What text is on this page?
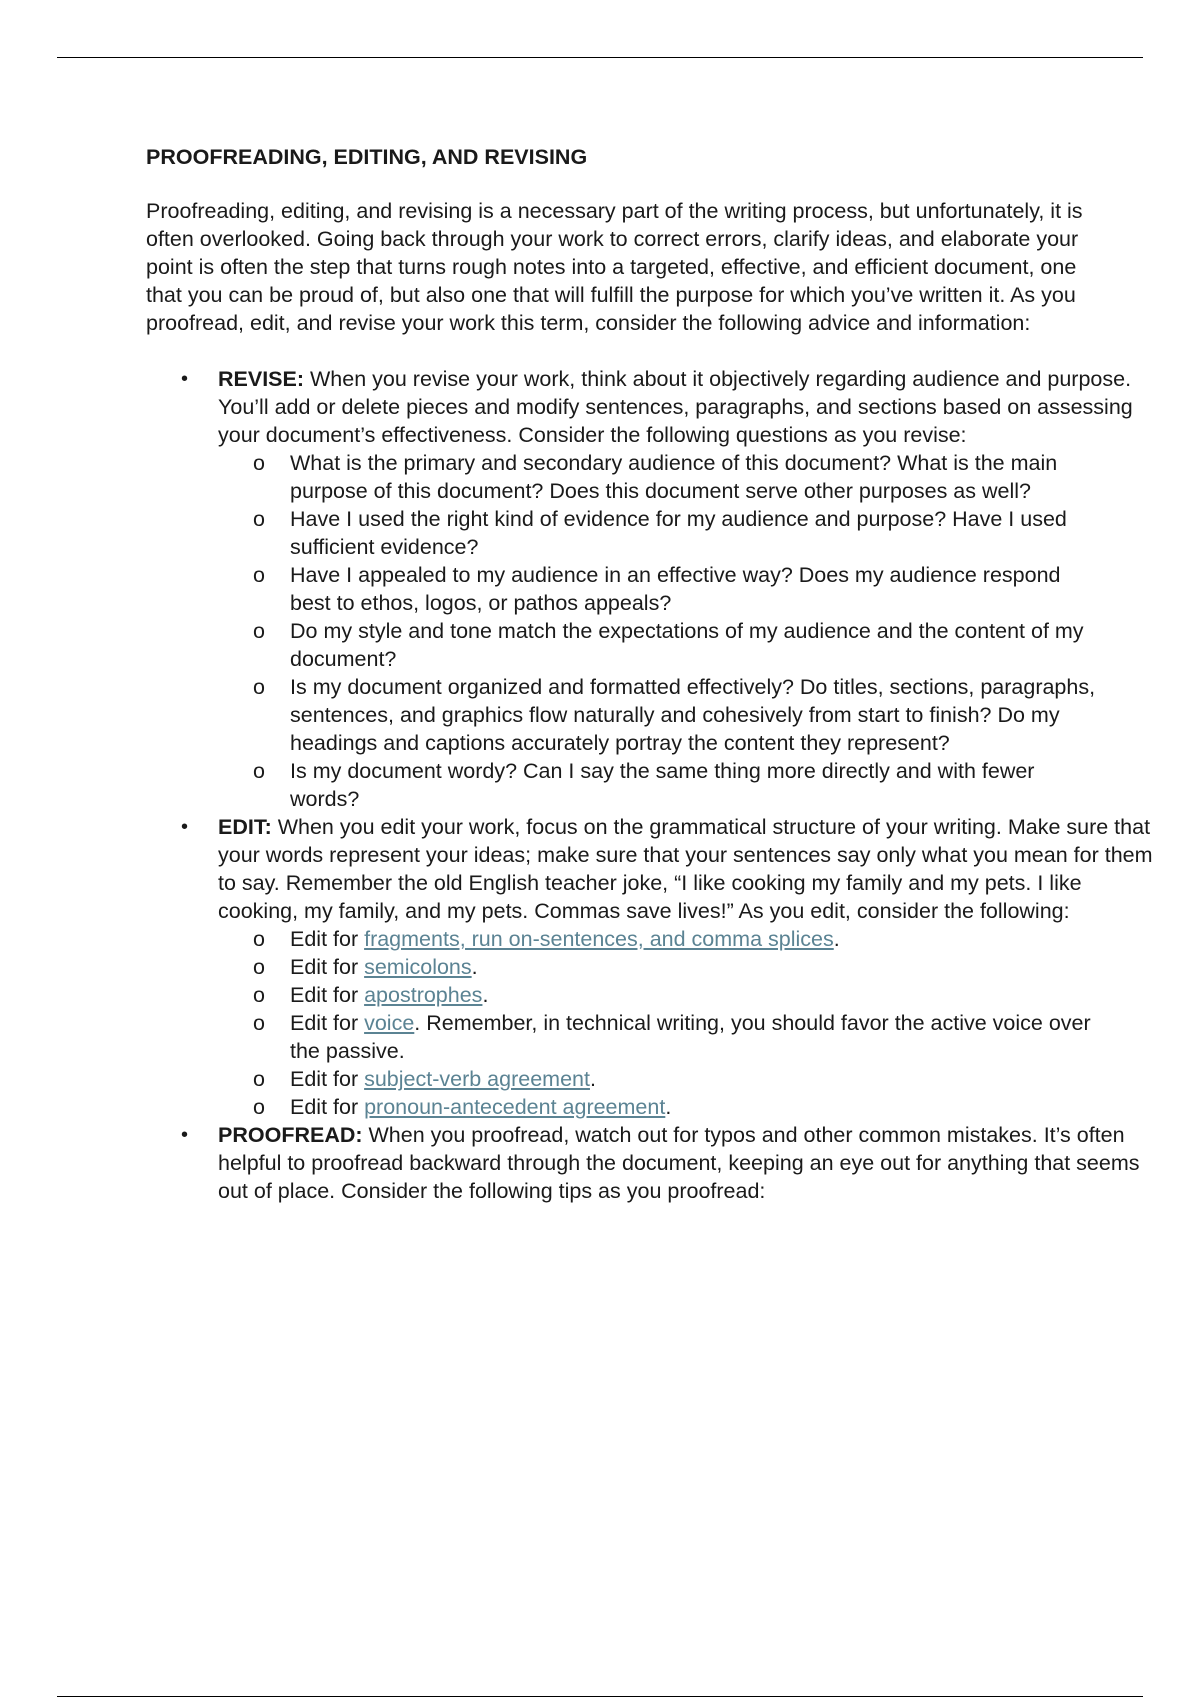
PROOFREADING, EDITING, AND REVISING

Proofreading, editing, and revising is a necessary part of the writing process, but unfortunately, it is often overlooked. Going back through your work to correct errors, clarify ideas, and elaborate your point is often the step that turns rough notes into a targeted, effective, and efficient document, one that you can be proud of, but also one that will fulfill the purpose for which you’ve written it. As you proofread, edit, and revise your work this term, consider the following advice and information:

• REVISE: When you revise your work, think about it objectively regarding audience and purpose. You’ll add or delete pieces and modify sentences, paragraphs, and sections based on assessing your document’s effectiveness. Consider the following questions as you revise:
o What is the primary and secondary audience of this document? What is the main purpose of this document? Does this document serve other purposes as well?
o Have I used the right kind of evidence for my audience and purpose? Have I used sufficient evidence?
o Have I appealed to my audience in an effective way? Does my audience respond best to ethos, logos, or pathos appeals?
o Do my style and tone match the expectations of my audience and the content of my document?
o Is my document organized and formatted effectively? Do titles, sections, paragraphs, sentences, and graphics flow naturally and cohesively from start to finish? Do my headings and captions accurately portray the content they represent?
o Is my document wordy? Can I say the same thing more directly and with fewer words?
• EDIT: When you edit your work, focus on the grammatical structure of your writing. Make sure that your words represent your ideas; make sure that your sentences say only what you mean for them to say. Remember the old English teacher joke, “I like cooking my family and my pets. I like cooking, my family, and my pets. Commas save lives!” As you edit, consider the following:
o Edit for fragments, run on-sentences, and comma splices.
o Edit for semicolons.
o Edit for apostrophes.
o Edit for voice. Remember, in technical writing, you should favor the active voice over the passive.
o Edit for subject-verb agreement.
o Edit for pronoun-antecedent agreement.
• PROOFREAD: When you proofread, watch out for typos and other common mistakes. It’s often helpful to proofread backward through the document, keeping an eye out for anything that seems out of place. Consider the following tips as you proofread:
